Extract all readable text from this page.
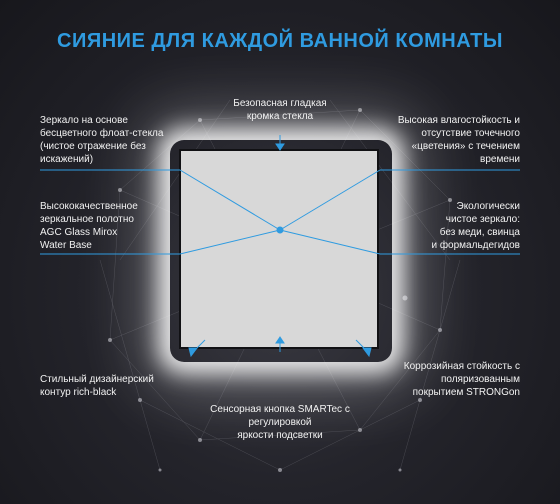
СИЯНИЕ ДЛЯ КАЖДОЙ ВАННОЙ КОМНАТЫ
Безопасная гладкая
кромка стекла
Зеркало на основе
бесцветного флоат-стекла
(чистое отражение без
искажений)
Высококачественное
зеркальное полотно
AGC Glass Mirox
Water Base
Стильный дизайнерский
контур rich-black
Высокая влагостойкость и
отсутствие точечного
«цветения» с течением
времени
Экологически
чистое зеркало:
без меди, свинца
и формальдегидов
Коррозийная стойкость с
поляризованным
покрытием STRONGon
Сенсорная кнопка SMARTec с
регулировкой
яркости подсветки
